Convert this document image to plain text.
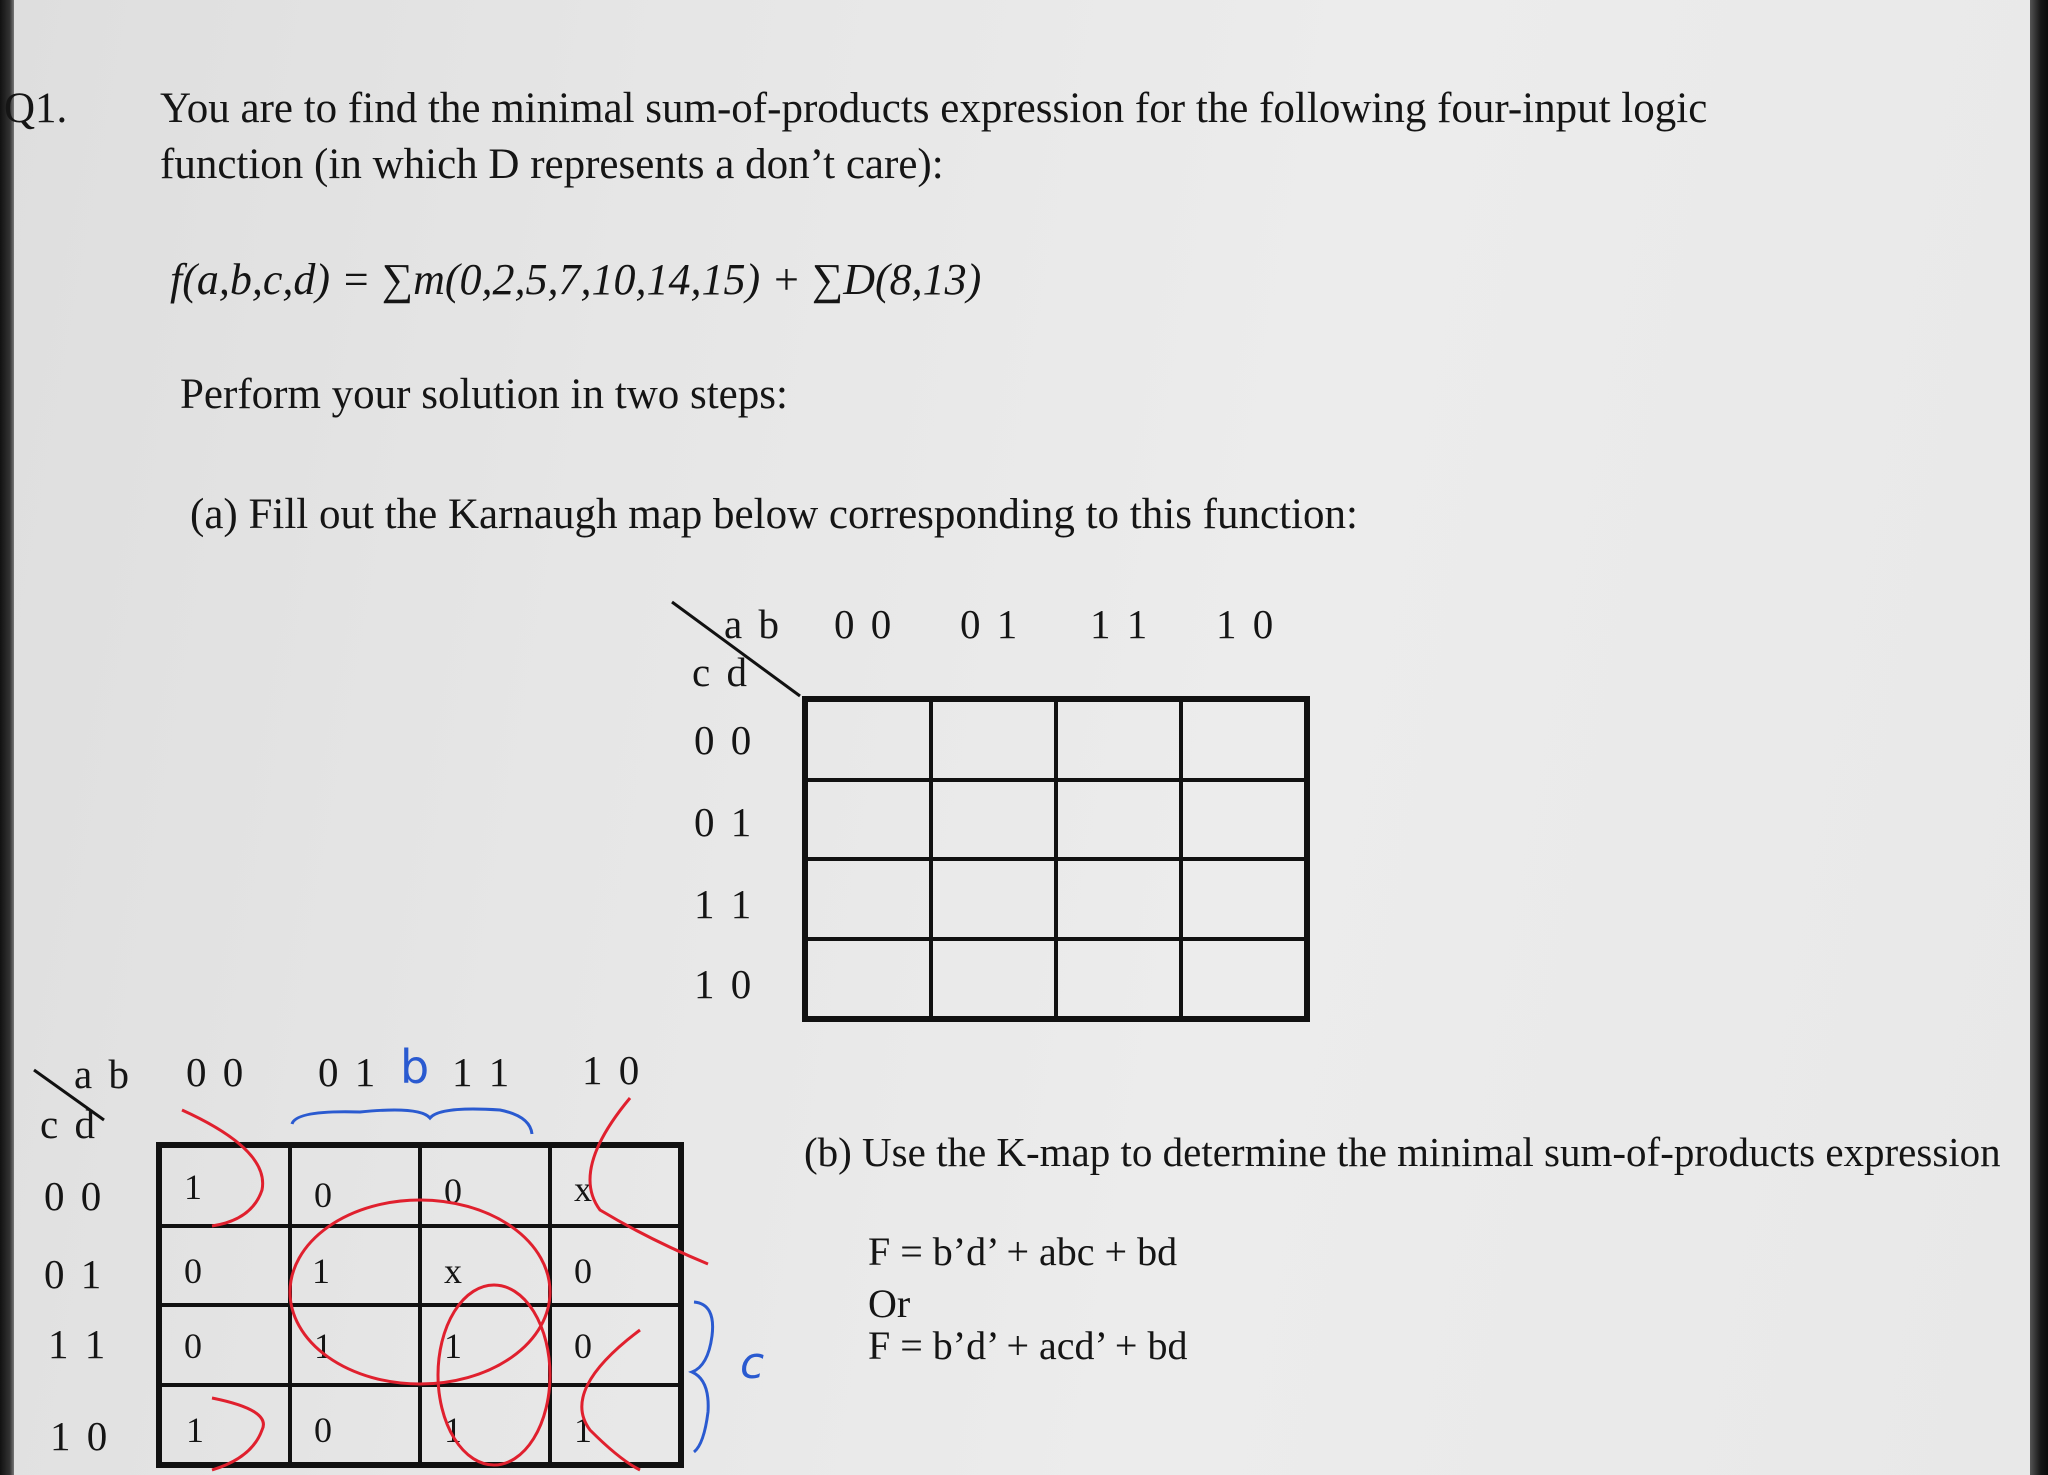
Q1. You are to find the minimal sum-of-products expression for the following four-input logic
function (in which D represents a don’t care):
f(a,b,c,d) = ∑m(0,2,5,7,10,14,15) + ∑D(8,13)
Perform your solution in two steps:
(a) Fill out the Karnaugh map below corresponding to this function:
a b
c d
0 0 0 1 1 1 1 0
0 0
0 1
1 1
1 0
a b
c d
0 0 0 1 1 1 1 0
0 0
0 1
1 1
1 0
1	0	0	x
0	1	x	0
0	1	1	0
1	0	1	1
b
c
(b) Use the K-map to determine the minimal sum-of-products expression
F = b’d’ + abc + bd
Or
F = b’d’ + acd’ + bd
